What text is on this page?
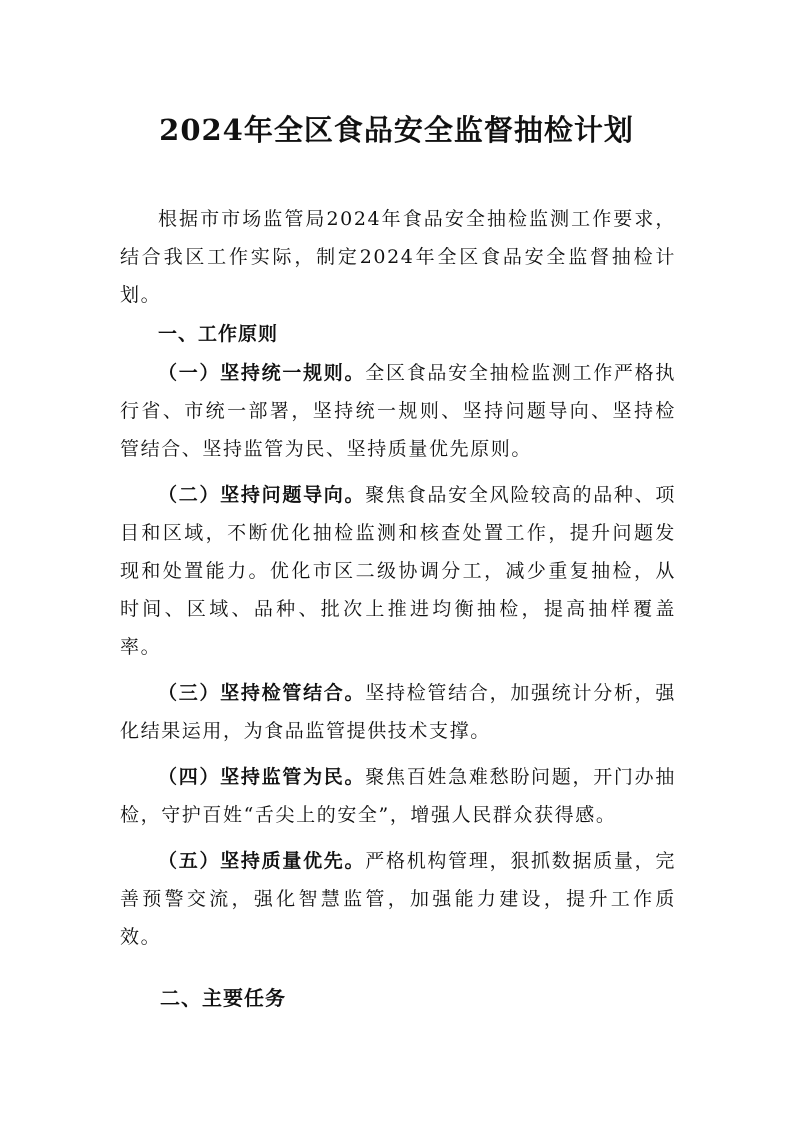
2024年全区食品安全监督抽检计划

根据市市场监管局2024年食品安全抽检监测工作要求，结合我区工作实际，制定2024年全区食品安全监督抽检计划。

一、工作原则

（一）坚持统一规则。全区食品安全抽检监测工作严格执行省、市统一部署，坚持统一规则、坚持问题导向、坚持检管结合、坚持监管为民、坚持质量优先原则。

（二）坚持问题导向。聚焦食品安全风险较高的品种、项目和区域，不断优化抽检监测和核查处置工作，提升问题发现和处置能力。优化市区二级协调分工，减少重复抽检，从时间、区域、品种、批次上推进均衡抽检，提高抽样覆盖率。

（三）坚持检管结合。坚持检管结合，加强统计分析，强化结果运用，为食品监管提供技术支撑。

（四）坚持监管为民。聚焦百姓急难愁盼问题，开门办抽检，守护百姓“舌尖上的安全”，增强人民群众获得感。

（五）坚持质量优先。严格机构管理，狠抓数据质量，完善预警交流，强化智慧监管，加强能力建设，提升工作质效。

二、主要任务
